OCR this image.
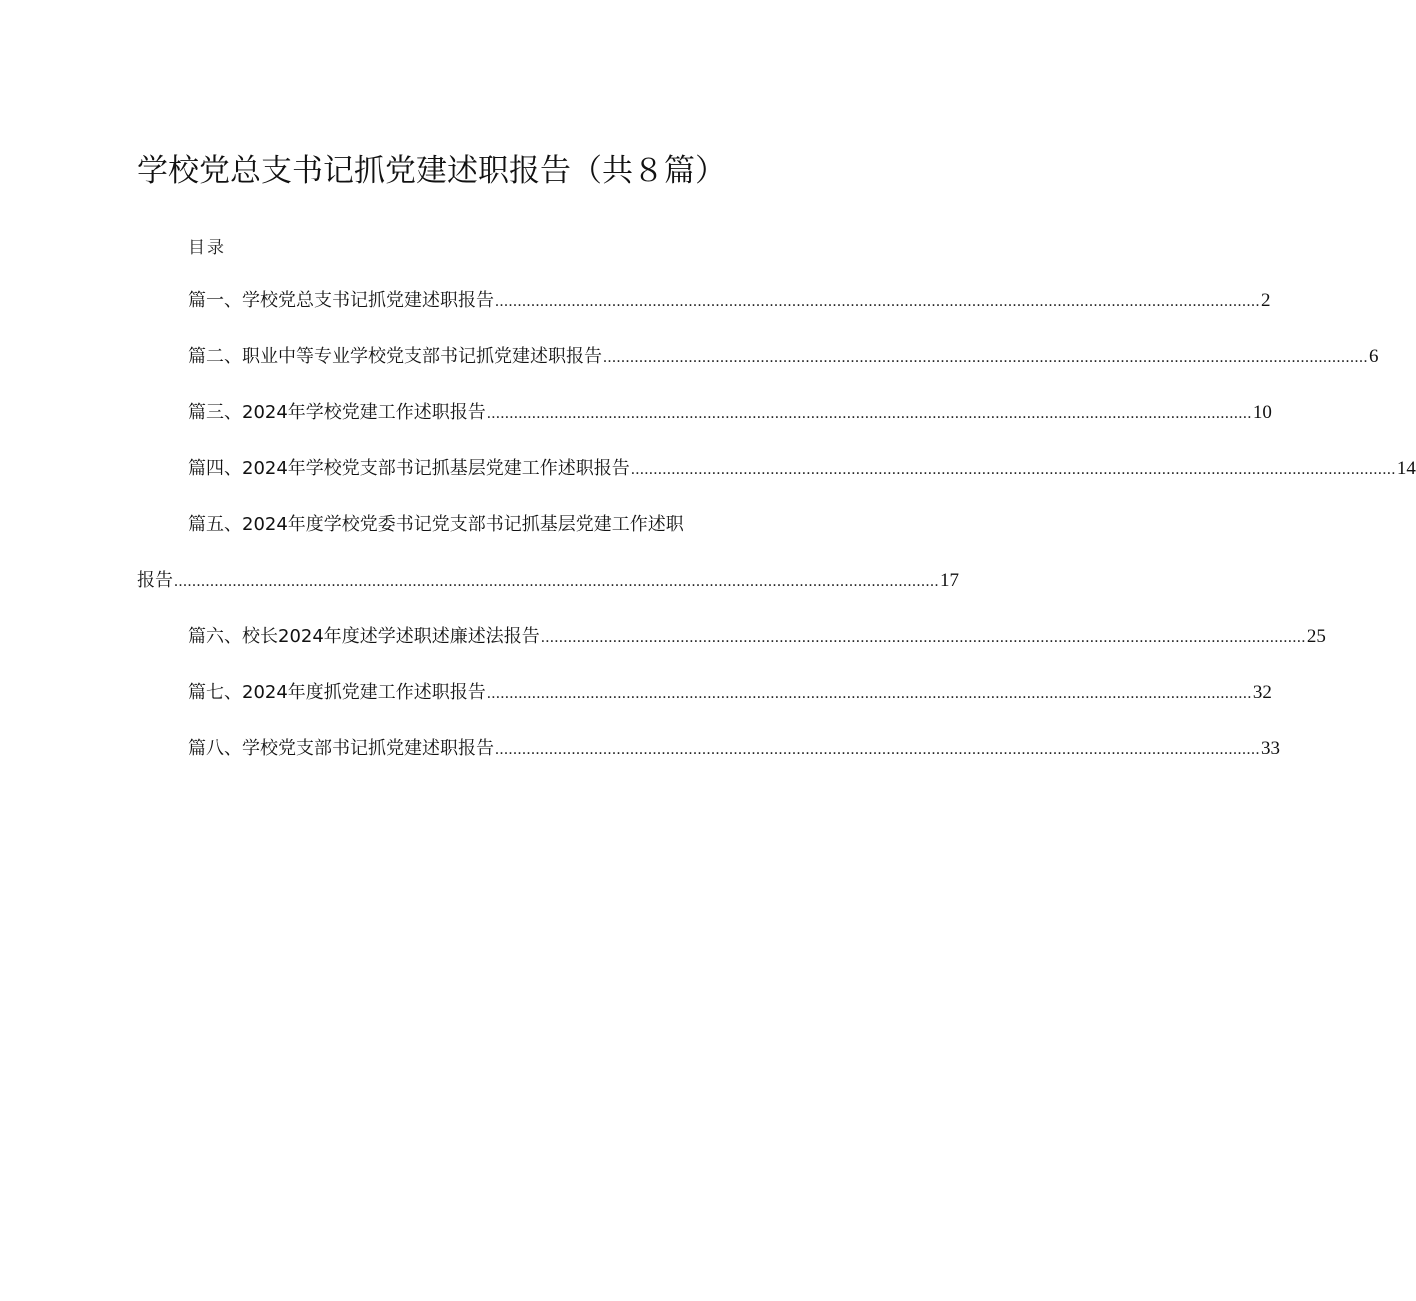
学校党总支书记抓党建述职报告（共８篇）
目录
篇一、学校党总支书记抓党建述职报告 .......................................................................................................................................................................... 2
篇二、职业中等专业学校党支部书记抓党建述职报告 .......................................................................................................................................................................... 6
篇三、2024年学校党建工作述职报告 .......................................................................................................................................................................... 10
篇四、2024年学校党支部书记抓基层党建工作述职报告 .......................................................................................................................................................................... 14
篇五、2024年度学校党委书记党支部书记抓基层党建工作述职
报告 .......................................................................................................................................................................... 17
篇六、校长2024年度述学述职述廉述法报告 .......................................................................................................................................................................... 25
篇七、2024年度抓党建工作述职报告 .......................................................................................................................................................................... 32
篇八、学校党支部书记抓党建述职报告 .......................................................................................................................................................................... 33
